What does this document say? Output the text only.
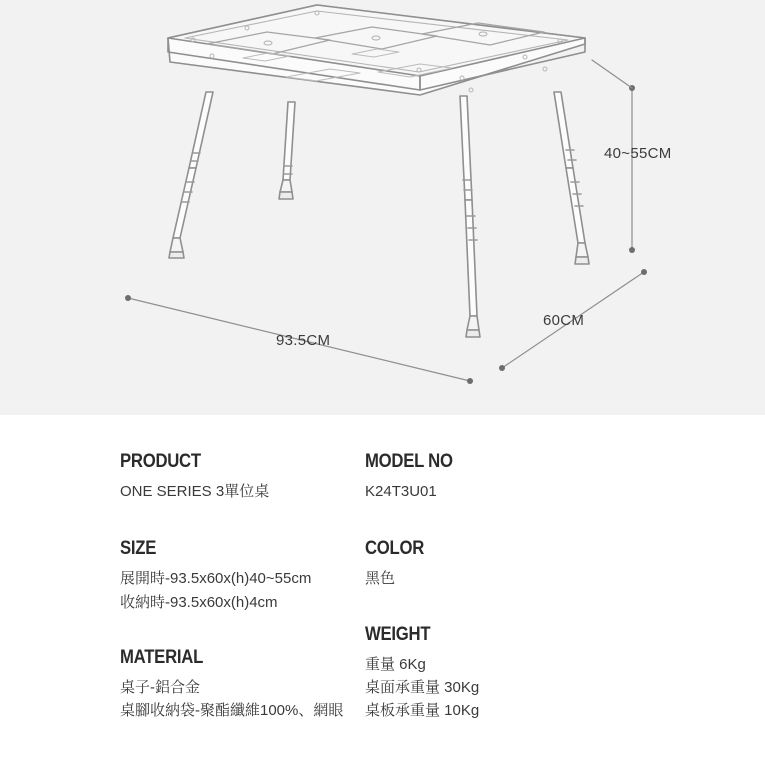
40~55CM
93.5CM
60CM
PRODUCT
ONE SERIES 3單位桌
SIZE
展開時-93.5x60x(h)40~55cm
收納時-93.5x60x(h)4cm
MATERIAL
桌子-鋁合金
桌腳收納袋-聚酯纖維100%、網眼
MODEL NO
K24T3U01
COLOR
黑色
WEIGHT
重量 6Kg
桌面承重量 30Kg
桌板承重量 10Kg
